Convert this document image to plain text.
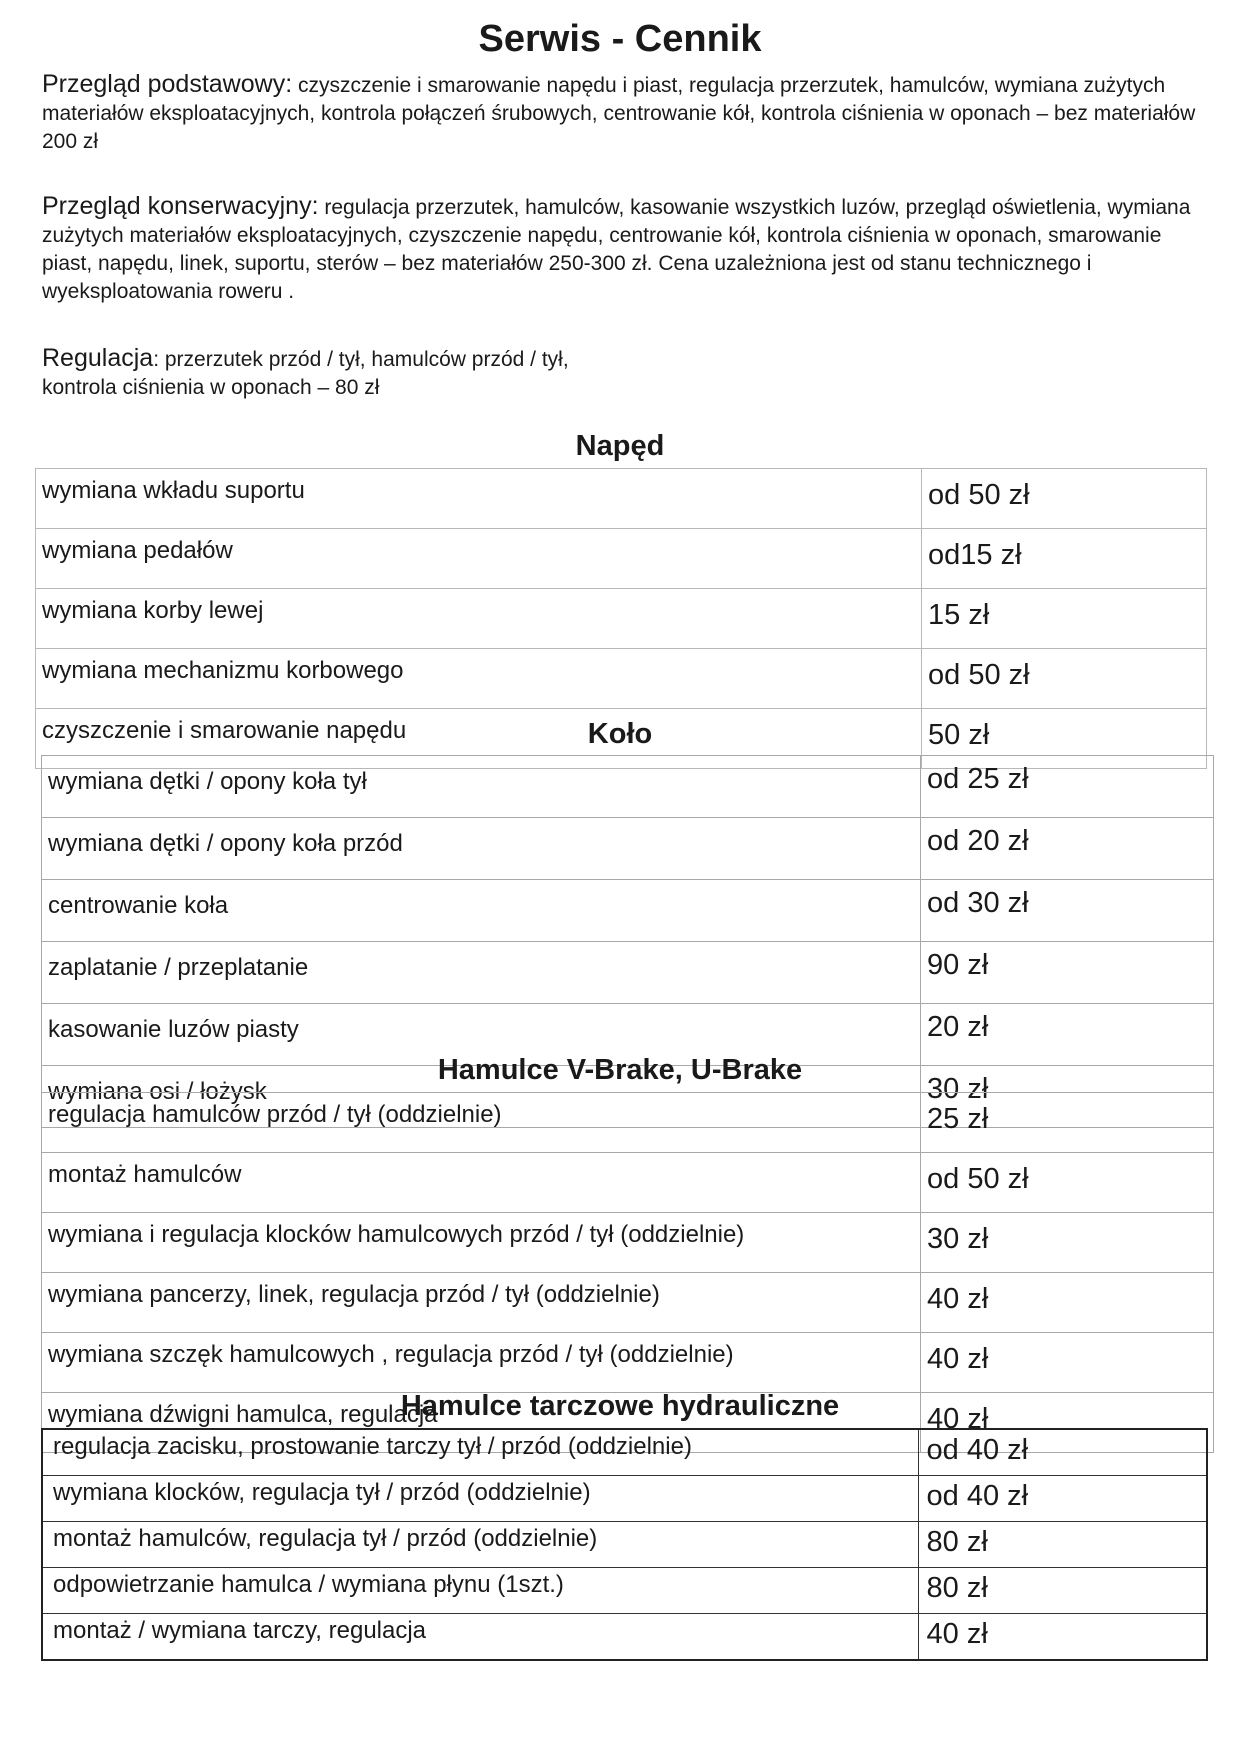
Serwis - Cennik

Przegląd podstawowy: czyszczenie i smarowanie napędu i piast, regulacja przerzutek, hamulców, wymiana zużytych materiałów eksploatacyjnych, kontrola połączeń śrubowych, centrowanie kół, kontrola ciśnienia w oponach – bez materiałów 200 zł

Przegląd konserwacyjny: regulacja przerzutek, hamulców, kasowanie wszystkich luzów, przegląd oświetlenia, wymiana zużytych materiałów eksploatacyjnych, czyszczenie napędu, centrowanie kół, kontrola ciśnienia w oponach, smarowanie piast, napędu, linek, suportu, sterów – bez materiałów 250-300 zł. Cena uzależniona jest od stanu technicznego i wyeksploatowania roweru .

Regulacja: przerzutek przód / tył, hamulców przód / tył,
kontrola ciśnienia w oponach – 80 zł

Napęd
wymiana wkładu suportu	od 50 zł
wymiana pedałów	od15 zł
wymiana korby lewej	15 zł
wymiana mechanizmu korbowego	od 50 zł
czyszczenie i smarowanie napędu	50 zł
Koło
wymiana dętki / opony koła tył	od 25 zł
wymiana dętki / opony koła przód	od 20 zł
centrowanie koła	od 30 zł
zaplatanie / przeplatanie	90 zł
kasowanie luzów piasty	20 zł
wymiana osi / łożysk	30 zł
Hamulce V-Brake, U-Brake
regulacja hamulców przód / tył (oddzielnie)	25 zł
montaż hamulców	od 50 zł
wymiana i regulacja klocków hamulcowych przód / tył (oddzielnie)	30 zł
wymiana pancerzy, linek, regulacja przód / tył (oddzielnie)	40 zł
wymiana szczęk hamulcowych , regulacja przód / tył (oddzielnie)	40 zł
wymiana dźwigni hamulca, regulacja	40 zł
Hamulce tarczowe hydrauliczne
regulacja zacisku, prostowanie tarczy tył / przód (oddzielnie)	od 40 zł
wymiana klocków, regulacja tył / przód (oddzielnie)	od 40 zł
montaż hamulców, regulacja tył / przód (oddzielnie)	80 zł
odpowietrzanie hamulca / wymiana płynu (1szt.)	80 zł
montaż / wymiana tarczy, regulacja	40 zł
